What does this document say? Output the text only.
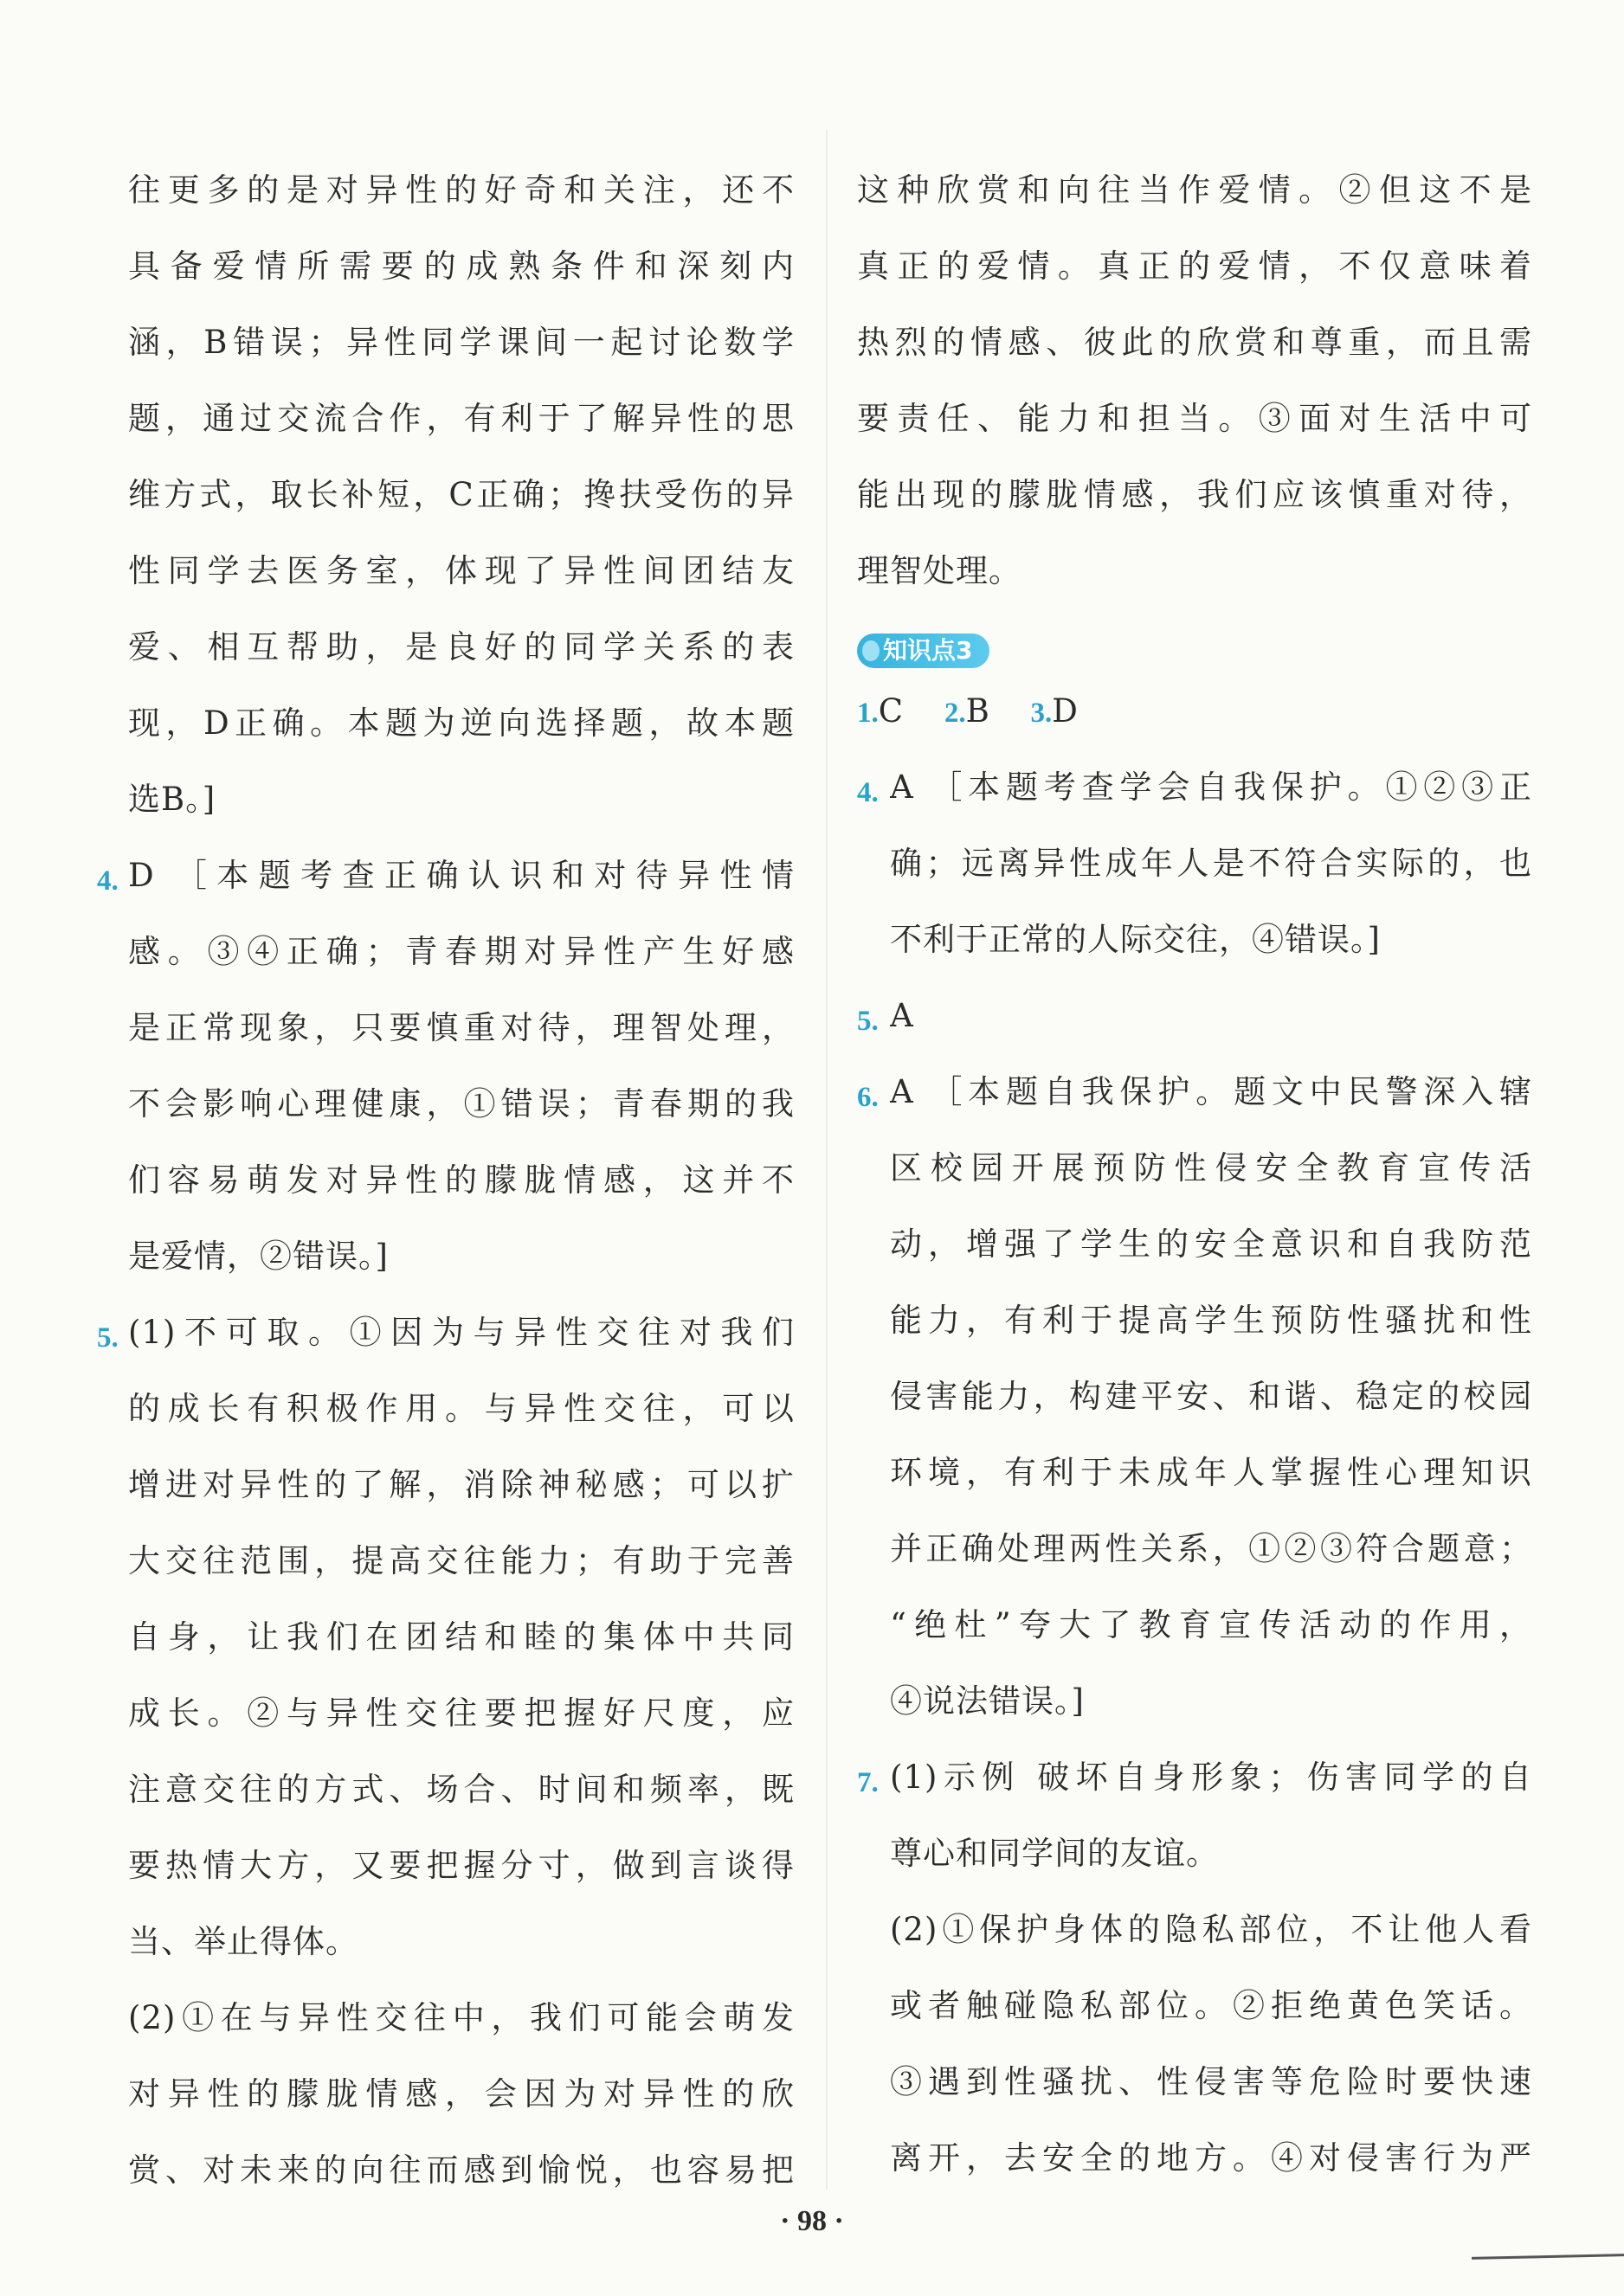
往更多的是对异性的好奇和关注，还不
具备爱情所需要的成熟条件和深刻内
涵，B错误；异性同学课间一起讨论数学
题，通过交流合作，有利于了解异性的思
维方式，取长补短，C正确；搀扶受伤的异
性同学去医务室，体现了异性间团结友
爱、相互帮助，是良好的同学关系的表
现，D正确。本题为逆向选择题，故本题
选B。]
4. D ［本题考查正确认识和对待异性情
感。③④正确；青春期对异性产生好感
是正常现象，只要慎重对待，理智处理，
不会影响心理健康，①错误；青春期的我
们容易萌发对异性的朦胧情感，这并不
是爱情，②错误。]
5. (1)不可取。①因为与异性交往对我们
的成长有积极作用。与异性交往，可以
增进对异性的了解，消除神秘感；可以扩
大交往范围，提高交往能力；有助于完善
自身，让我们在团结和睦的集体中共同
成长。②与异性交往要把握好尺度，应
注意交往的方式、场合、时间和频率，既
要热情大方，又要把握分寸，做到言谈得
当、举止得体。
(2)①在与异性交往中，我们可能会萌发
对异性的朦胧情感，会因为对异性的欣
赏、对未来的向往而感到愉悦，也容易把
这种欣赏和向往当作爱情。②但这不是
真正的爱情。真正的爱情，不仅意味着
热烈的情感、彼此的欣赏和尊重，而且需
要责任、能力和担当。③面对生活中可
能出现的朦胧情感，我们应该慎重对待，
理智处理。
知识点3
1.C 2.B 3.D
4. A ［本题考查学会自我保护。①②③正
确；远离异性成年人是不符合实际的，也
不利于正常的人际交往，④错误。]
5. A
6. A ［本题自我保护。题文中民警深入辖
区校园开展预防性侵安全教育宣传活
动，增强了学生的安全意识和自我防范
能力，有利于提高学生预防性骚扰和性
侵害能力，构建平安、和谐、稳定的校园
环境，有利于未成年人掌握性心理知识
并正确处理两性关系，①②③符合题意；
“绝杜”夸大了教育宣传活动的作用，
④说法错误。]
7. (1)示例 破坏自身形象；伤害同学的自
尊心和同学间的友谊。
(2)①保护身体的隐私部位，不让他人看
或者触碰隐私部位。②拒绝黄色笑话。
③遇到性骚扰、性侵害等危险时要快速
离开，去安全的地方。④对侵害行为严
· 98 ·
